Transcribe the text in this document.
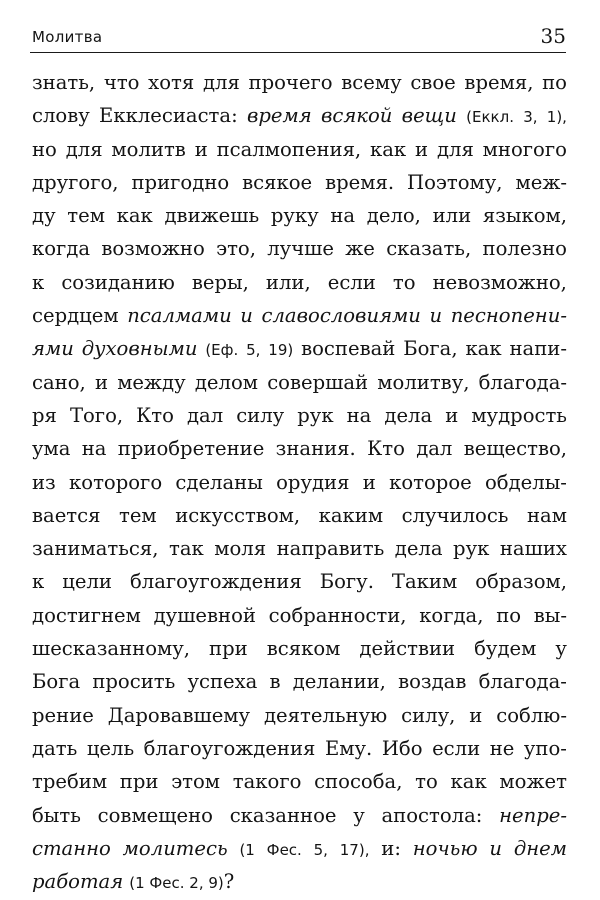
Молитва	35
знать, что хотя для прочего всему свое время, по
слову Екклесиаста: время всякой вещи (Еккл. 3, 1),
но для молитв и псалмопения, как и для многого
другого, пригодно всякое время. Поэтому, меж-
ду тем как движешь руку на дело, или языком,
когда возможно это, лучше же сказать, полезно
к созиданию веры, или, если то невозможно,
сердцем псалмами и славословиями и песнопени-
ями духовными (Еф. 5, 19) воспевай Бога, как напи-
сано, и между делом совершай молитву, благода-
ря Того, Кто дал силу рук на дела и мудрость
ума на приобретение знания. Кто дал вещество,
из которого сделаны орудия и которое обделы-
вается тем искусством, каким случилось нам
заниматься, так моля направить дела рук наших
к цели благоугождения Богу. Таким образом,
достигнем душевной собранности, когда, по вы-
шесказанному, при всяком действии будем у
Бога просить успеха в делании, воздав благода-
рение Даровавшему деятельную силу, и соблю-
дать цель благоугождения Ему. Ибо если не упо-
требим при этом такого способа, то как может
быть совмещено сказанное у апостола: непре-
станно молитесь (1 Фес. 5, 17), и: ночью и днем
работая (1 Фес. 2, 9) ?
